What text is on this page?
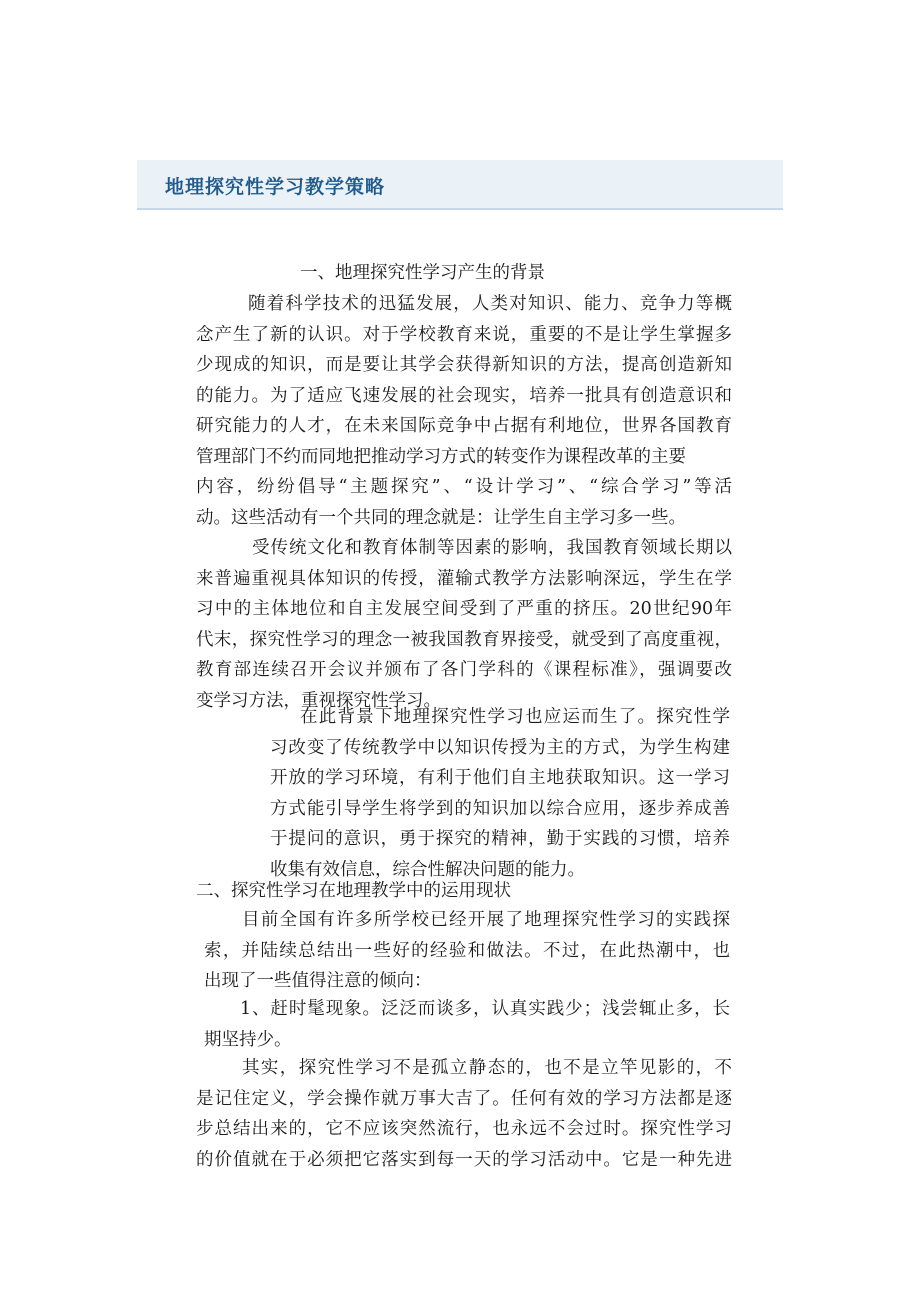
地理探究性学习教学策略
一、地理探究性学习产生的背景
随着科学技术的迅猛发展，人类对知识、能力、竞争力等概
念产生了新的认识。对于学校教育来说，重要的不是让学生掌握多
少现成的知识，而是要让其学会获得新知识的方法，提高创造新知
的能力。为了适应飞速发展的社会现实，培养一批具有创造意识和
研究能力的人才，在未来国际竞争中占据有利地位，世界各国教育
管理部门不约而同地把推动学习方式的转变作为课程改革的主要
内容，纷纷倡导“主题探究”、“设计学习”、“综合学习”等活
动。这些活动有一个共同的理念就是：让学生自主学习多一些。
受传统文化和教育体制等因素的影响，我国教育领域长期以
来普遍重视具体知识的传授，灌输式教学方法影响深远，学生在学
习中的主体地位和自主发展空间受到了严重的挤压。20世纪90年
代末，探究性学习的理念一被我国教育界接受，就受到了高度重视，
教育部连续召开会议并颁布了各门学科的《课程标准》，强调要改
变学习方法，重视探究性学习。
在此背景下地理探究性学习也应运而生了。探究性学
习改变了传统教学中以知识传授为主的方式，为学生构建
开放的学习环境，有利于他们自主地获取知识。这一学习
方式能引导学生将学到的知识加以综合应用，逐步养成善
于提问的意识，勇于探究的精神，勤于实践的习惯，培养
收集有效信息，综合性解决问题的能力。
二、探究性学习在地理教学中的运用现状
目前全国有许多所学校已经开展了地理探究性学习的实践探
索，并陆续总结出一些好的经验和做法。不过，在此热潮中，也
出现了一些值得注意的倾向：
1、赶时髦现象。泛泛而谈多，认真实践少；浅尝辄止多，长
期坚持少。
其实，探究性学习不是孤立静态的，也不是立竿见影的，不
是记住定义，学会操作就万事大吉了。任何有效的学习方法都是逐
步总结出来的，它不应该突然流行，也永远不会过时。探究性学习
的价值就在于必须把它落实到每一天的学习活动中。它是一种先进
